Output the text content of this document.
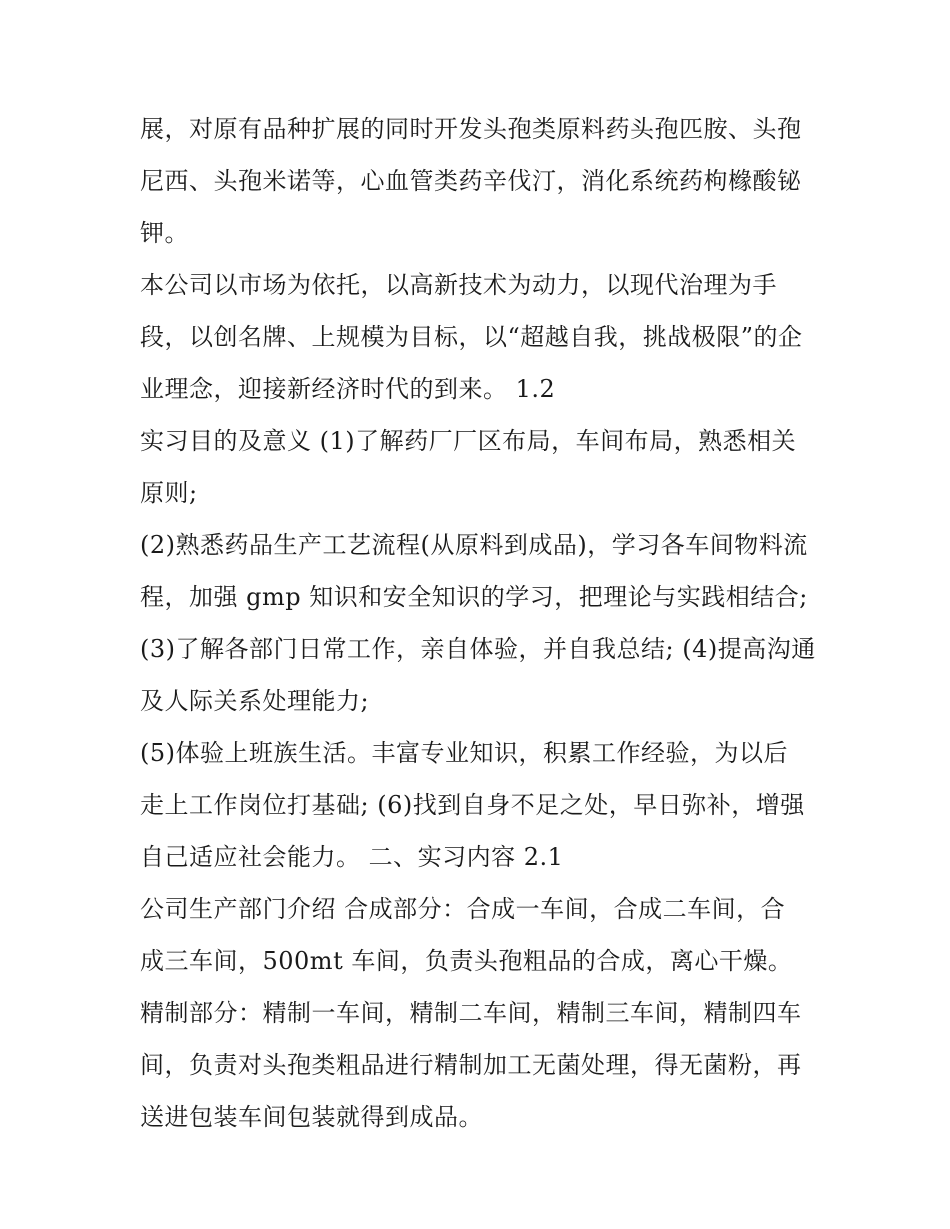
展，对原有品种扩展的同时开发头孢类原料药头孢匹胺、头孢
尼西、头孢米诺等，心血管类药辛伐汀，消化系统药枸橼酸铋
钾。
本公司以市场为依托，以高新技术为动力，以现代治理为手
段，以创名牌、上规模为目标，以“超越自我，挑战极限”的企
业理念，迎接新经济时代的到来。 1.2
实习目的及意义 (1)了解药厂厂区布局，车间布局，熟悉相关
原则;
(2)熟悉药品生产工艺流程(从原料到成品)，学习各车间物料流
程，加强 gmp 知识和安全知识的学习，把理论与实践相结合;
(3)了解各部门日常工作，亲自体验，并自我总结; (4)提高沟通
及人际关系处理能力;
(5)体验上班族生活。丰富专业知识，积累工作经验，为以后
走上工作岗位打基础; (6)找到自身不足之处，早日弥补，增强
自己适应社会能力。 二、实习内容 2.1
公司生产部门介绍 合成部分：合成一车间，合成二车间，合
成三车间，500mt 车间，负责头孢粗品的合成，离心干燥。
精制部分：精制一车间，精制二车间，精制三车间，精制四车
间，负责对头孢类粗品进行精制加工无菌处理，得无菌粉，再
送进包装车间包装就得到成品。
